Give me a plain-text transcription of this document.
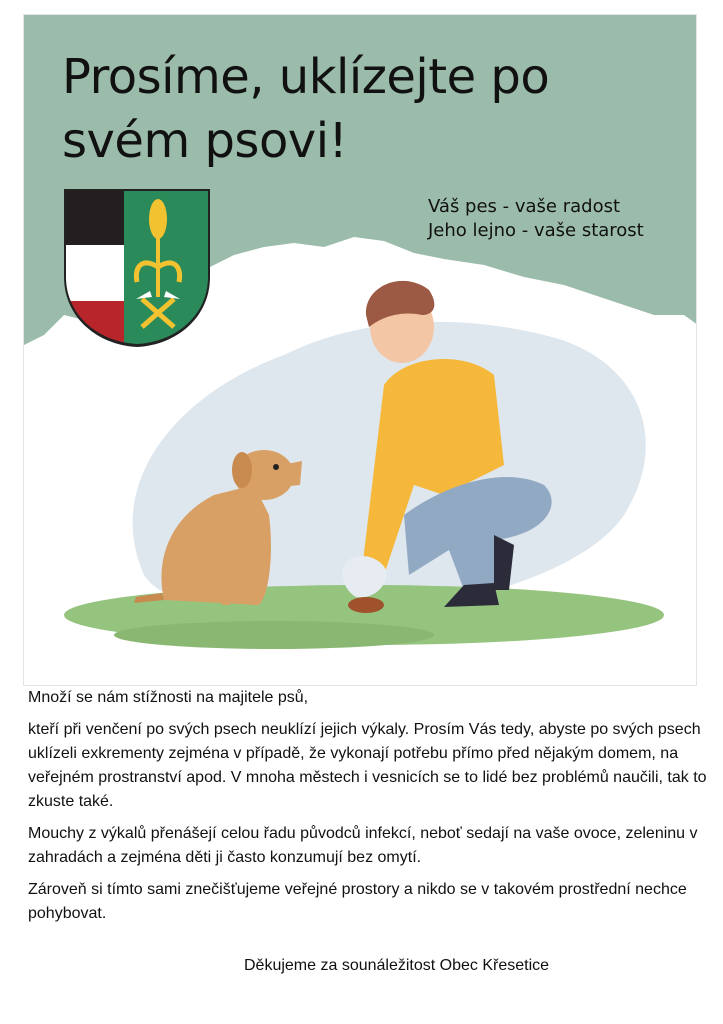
Prosíme, uklízejte po
svém psovi!
Váš pes - vaše radost
Jeho lejno - vaše starost

Množí se nám stížnosti na majitele psů,

kteří při venčení po svých psech neuklízí jejich výkaly. Prosím Vás tedy, abyste po svých psech uklízeli exkrementy zejména v případě, že vykonají potřebu přímo před nějakým domem, na veřejném prostranství apod. V mnoha městech i vesnicích se to lidé bez problémů naučili, tak to zkuste také.

Mouchy z výkalů přenášejí celou řadu původců infekcí, neboť sedají na vaše ovoce, zeleninu v zahradách a zejména děti ji často konzumují bez omytí.

Zároveň si tímto sami znečišťujeme veřejné prostory a nikdo se v takovém prostřední nechce pohybovat.

Děkujeme za sounáležitost Obec Křesetice
